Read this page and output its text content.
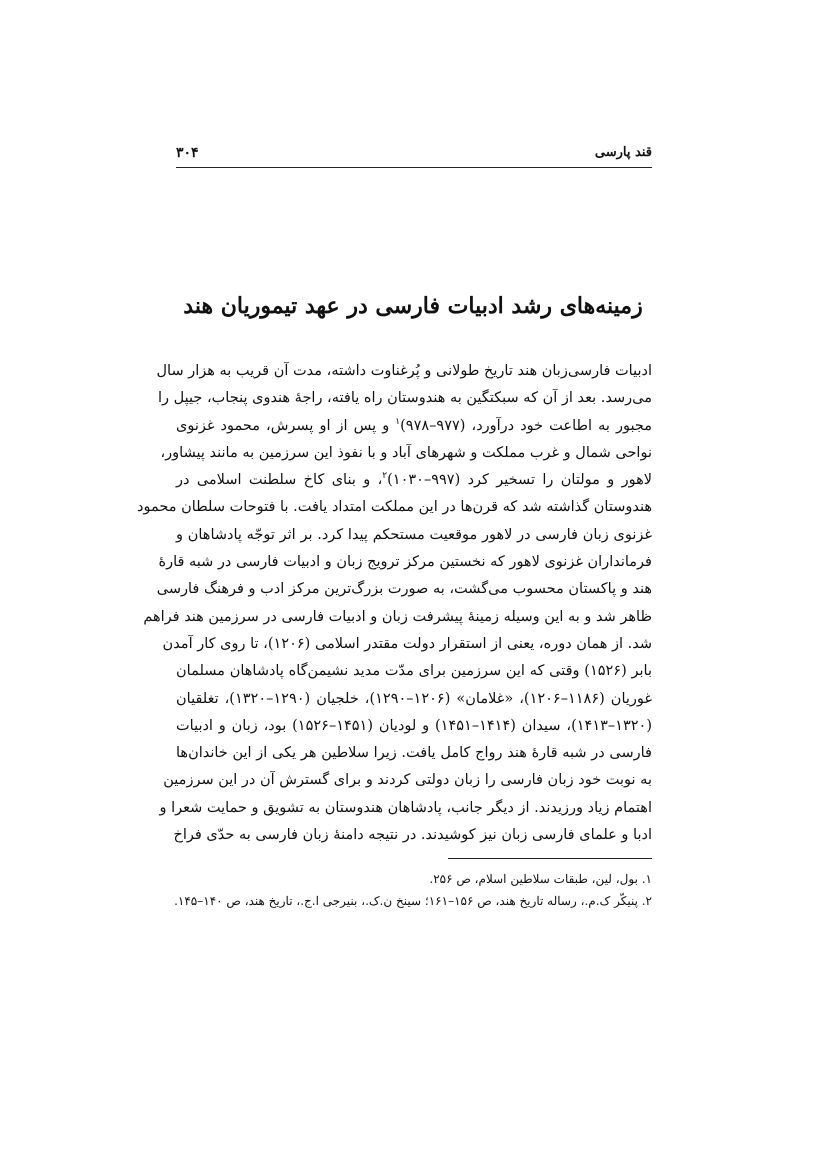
قند پارسی
۳۰۴
زمینه‌های رشد ادبیات فارسی در عهد تیموریان هند
ادبیات فارسی‌زبان هند تاریخ طولانی و پُرغناوت داشته، مدت آن قریب به هزار سال
می‌رسد. بعد از آن که سبکتگین به هندوستان راه یافته، راجهٔ هندوی پنجاب، جیپل را
مجبور به اطاعت خود درآورد، (۹۷۷–۹۷۸)$^۱$ و پس از او پسرش، محمود غزنوی
نواحی شمال و غرب مملکت و شهرهای آباد و با نفوذ این سرزمین به مانند پیشاور،
لاهور و مولتان را تسخیر کرد (۹۹۷–۱۰۳۰)$^۲$، و بنای کاخ سلطنت اسلامی در
هندوستان گذاشته شد که قرن‌ها در این مملکت امتداد یافت. با فتوحات سلطان محمود
غزنوی زبان فارسی در لاهور موقعیت مستحکم پیدا کرد. بر اثر توجّه پادشاهان و
فرمانداران غزنوی لاهور که نخستین مرکز ترویج زبان و ادبیات فارسی در شبه قارهٔ
هند و پاکستان محسوب می‌گشت، به صورت بزرگ‌ترین مرکز ادب و فرهنگ فارسی
ظاهر شد و به این وسیله زمینهٔ پیشرفت زبان و ادبیات فارسی در سرزمین هند فراهم
شد. از همان دوره، یعنی از استقرار دولت مقتدر اسلامی (۱۲۰۶)، تا روی کار آمدن
بابر (۱۵۲۶) وقتی که این سرزمین برای مدّت مدید نشیمن‌گاه پادشاهان مسلمان
غوریان (۱۱۸۶–۱۲۰۶)، «غلامان» (۱۲۰۶–۱۲۹۰)، خلجیان (۱۲۹۰–۱۳۲۰)، تغلقیان
(۱۳۲۰–۱۴۱۳)، سیدان (۱۴۱۴–۱۴۵۱) و لودیان (۱۴۵۱–۱۵۲۶) بود، زبان و ادبیات
فارسی در شبه قارهٔ هند رواج کامل یافت. زیرا سلاطین هر یکی از این خاندان‌ها
به نوبت خود زبان فارسی را زبان دولتی کردند و برای گسترش آن در این سرزمین
اهتمام زیاد ورزیدند. از دیگر جانب، پادشاهان هندوستان به تشویق و حمایت شعرا و
ادبا و علمای فارسی زبان نیز کوشیدند. در نتیجه دامنهٔ زبان فارسی به حدّی فراخ
۱. بول، لین، طبقات سلاطین اسلام، ص ۲۵۶.
۲. پنیکّر ک.م.، رساله تاریخ هند، ص ۱۵۶–۱۶۱؛ سینخ ن.ک.، بنیرجی ا.ج.، تاریخ هند، ص ۱۴۰–۱۴۵.
